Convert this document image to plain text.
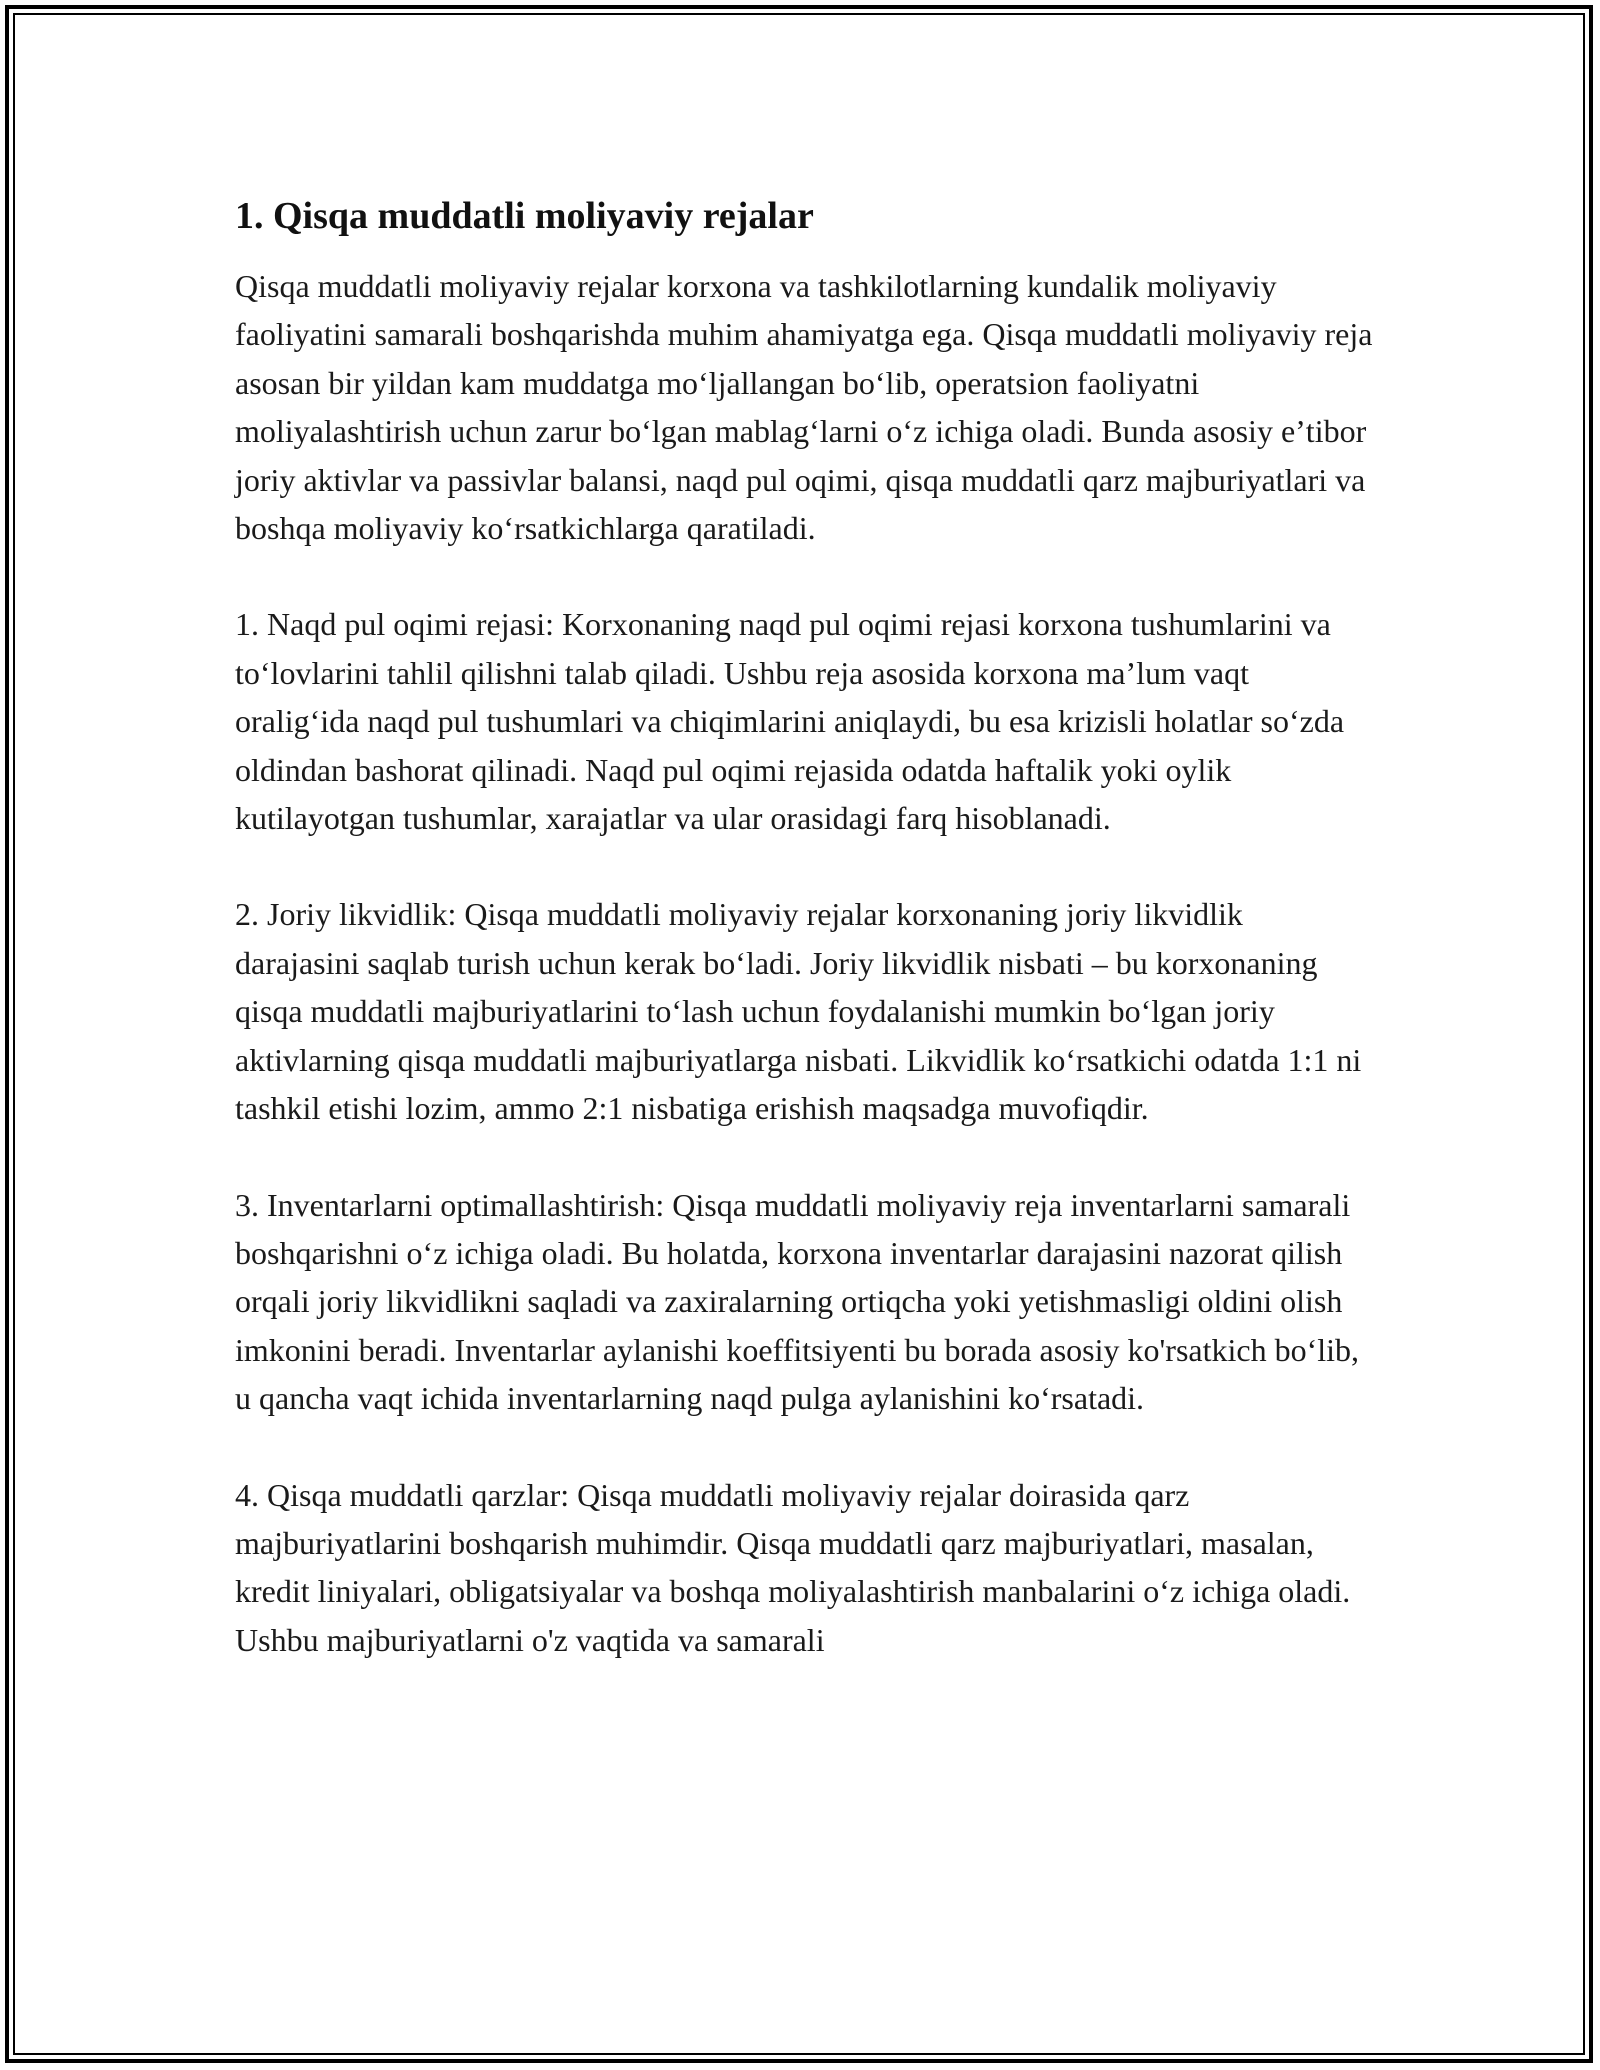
1. Qisqa muddatli moliyaviy rejalar

Qisqa muddatli moliyaviy rejalar korxona va tashkilotlarning kundalik moliyaviy faoliyatini samarali boshqarishda muhim ahamiyatga ega. Qisqa muddatli moliyaviy reja asosan bir yildan kam muddatga moʻljallangan boʻlib, operatsion faoliyatni moliyalashtirish uchun zarur boʻlgan mablagʻlarni oʻz ichiga oladi. Bunda asosiy eʼtibor joriy aktivlar va passivlar balansi, naqd pul oqimi, qisqa muddatli qarz majburiyatlari va boshqa moliyaviy koʻrsatkichlarga qaratiladi.

1. Naqd pul oqimi rejasi: Korxonaning naqd pul oqimi rejasi korxona tushumlarini va toʻlovlarini tahlil qilishni talab qiladi. Ushbu reja asosida korxona maʼlum vaqt oraligʻida naqd pul tushumlari va chiqimlarini aniqlaydi, bu esa krizisli holatlar soʻzda oldindan bashorat qilinadi. Naqd pul oqimi rejasida odatda haftalik yoki oylik kutilayotgan tushumlar, xarajatlar va ular orasidagi farq hisoblanadi.

2. Joriy likvidlik: Qisqa muddatli moliyaviy rejalar korxonaning joriy likvidlik darajasini saqlab turish uchun kerak boʻladi. Joriy likvidlik nisbati – bu korxonaning qisqa muddatli majburiyatlarini toʻlash uchun foydalanishi mumkin boʻlgan joriy aktivlarning qisqa muddatli majburiyatlarga nisbati. Likvidlik koʻrsatkichi odatda 1:1 ni tashkil etishi lozim, ammo 2:1 nisbatiga erishish maqsadga muvofiqdir.

3. Inventarlarni optimallashtirish: Qisqa muddatli moliyaviy reja inventarlarni samarali boshqarishni oʻz ichiga oladi. Bu holatda, korxona inventarlar darajasini nazorat qilish orqali joriy likvidlikni saqladi va zaxiralarning ortiqcha yoki yetishmasligi oldini olish imkonini beradi. Inventarlar aylanishi koeffitsiyenti bu borada asosiy ko'rsatkich boʻlib, u qancha vaqt ichida inventarlarning naqd pulga aylanishini koʻrsatadi.

4. Qisqa muddatli qarzlar: Qisqa muddatli moliyaviy rejalar doirasida qarz majburiyatlarini boshqarish muhimdir. Qisqa muddatli qarz majburiyatlari, masalan, kredit liniyalari, obligatsiyalar va boshqa moliyalashtirish manbalarini oʻz ichiga oladi. Ushbu majburiyatlarni o'z vaqtida va samarali
